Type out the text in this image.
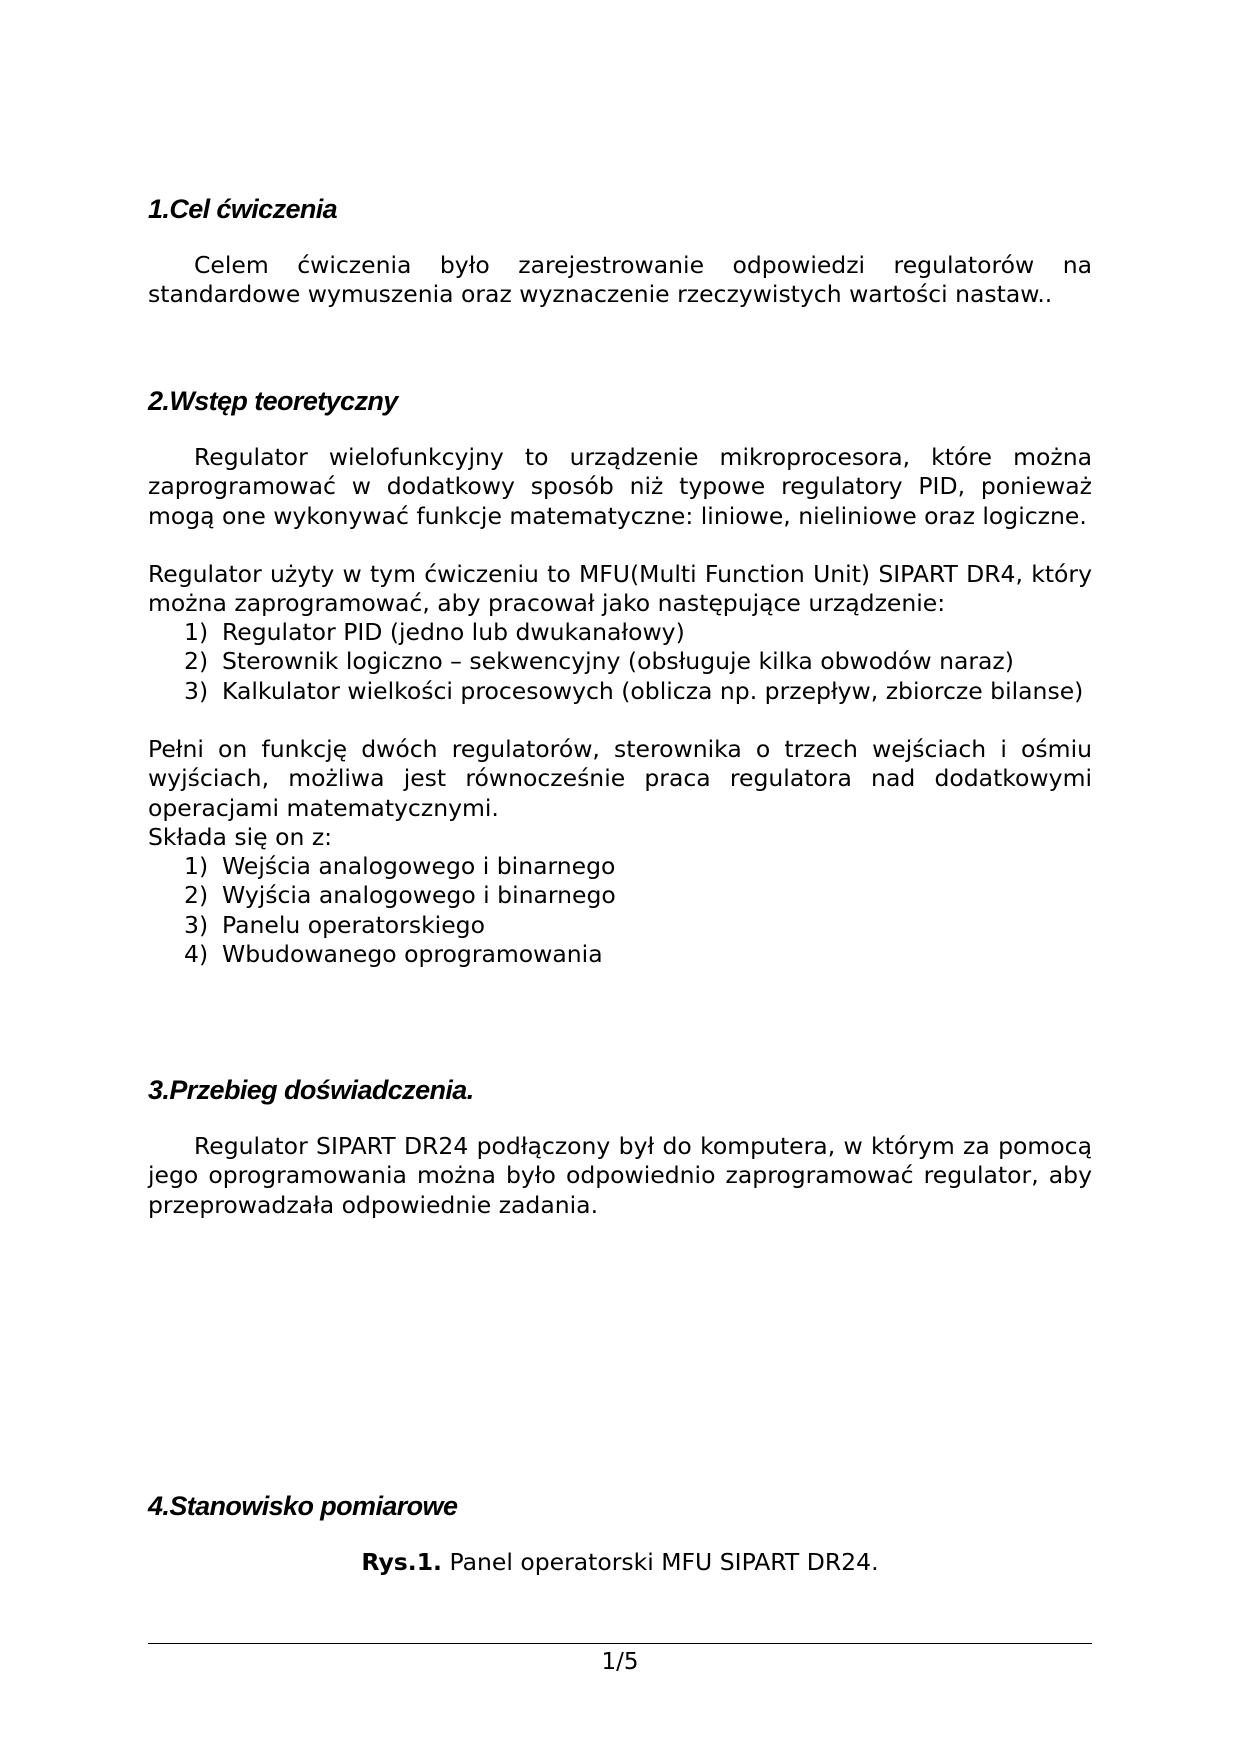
1.Cel ćwiczenia

Celem ćwiczenia było zarejestrowanie odpowiedzi regulatorów na standardowe wymuszenia oraz wyznaczenie rzeczywistych wartości nastaw..

2.Wstęp teoretyczny

Regulator wielofunkcyjny to urządzenie mikroprocesora, które można zaprogramować w dodatkowy sposób niż typowe regulatory PID, ponieważ mogą one wykonywać funkcje matematyczne: liniowe, nieliniowe oraz logiczne.

Regulator użyty w tym ćwiczeniu to MFU(Multi Function Unit) SIPART DR4, który można zaprogramować, aby pracował jako następujące urządzenie:

1) Regulator PID (jedno lub dwukanałowy)
2) Sterownik logiczno – sekwencyjny (obsługuje kilka obwodów naraz)
3) Kalkulator wielkości procesowych (oblicza np. przepływ, zbiorcze bilanse)

Pełni on funkcję dwóch regulatorów, sterownika o trzech wejściach i ośmiu wyjściach, możliwa jest równocześnie praca regulatora nad dodatkowymi operacjami matematycznymi.

Składa się on z:

1) Wejścia analogowego i binarnego
2) Wyjścia analogowego i binarnego
3) Panelu operatorskiego
4) Wbudowanego oprogramowania
3.Przebieg doświadczenia.

Regulator SIPART DR24 podłączony był do komputera, w którym za pomocą jego oprogramowania można było odpowiednio zaprogramować regulator, aby przeprowadzała odpowiednie zadania.

4.Stanowisko pomiarowe

Rys.1. Panel operatorski MFU SIPART DR24.

1/5
